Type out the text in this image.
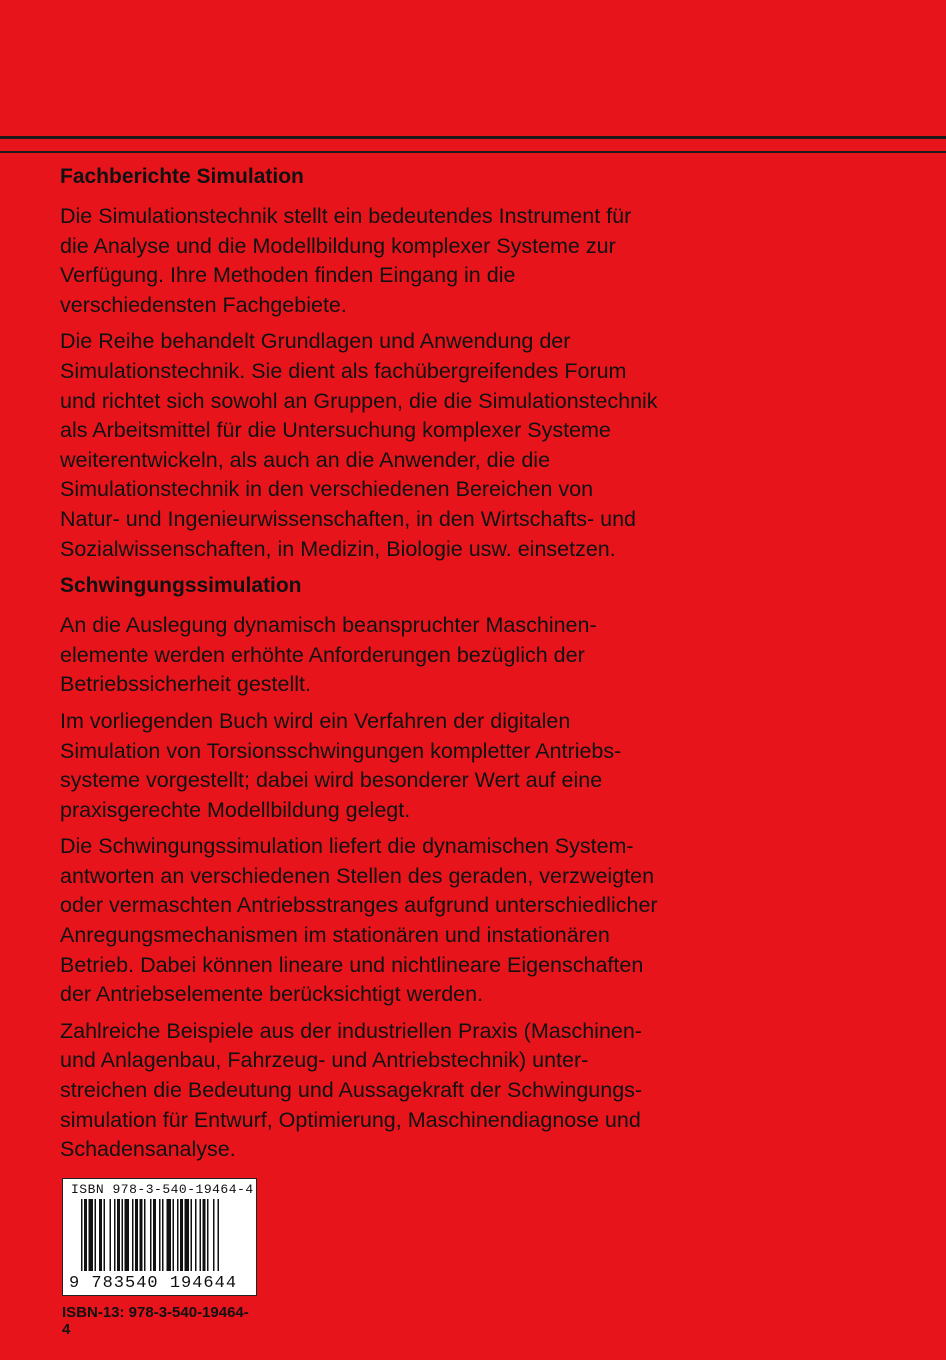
Fachberichte Simulation

Die Simulationstechnik stellt ein bedeutendes Instrument für
die Analyse und die Modellbildung komplexer Systeme zur
Verfügung. Ihre Methoden finden Eingang in die
verschiedensten Fachgebiete.

Die Reihe behandelt Grundlagen und Anwendung der
Simulationstechnik. Sie dient als fachübergreifendes Forum
und richtet sich sowohl an Gruppen, die die Simulationstechnik
als Arbeitsmittel für die Untersuchung komplexer Systeme
weiterentwickeln, als auch an die Anwender, die die
Simulationstechnik in den verschiedenen Bereichen von
Natur- und Ingenieurwissenschaften, in den Wirtschafts- und
Sozialwissenschaften, in Medizin, Biologie usw. einsetzen.

Schwingungssimulation

An die Auslegung dynamisch beanspruchter Maschinen-
elemente werden erhöhte Anforderungen bezüglich der
Betriebssicherheit gestellt.

Im vorliegenden Buch wird ein Verfahren der digitalen
Simulation von Torsionsschwingungen kompletter Antriebs-
systeme vorgestellt; dabei wird besonderer Wert auf eine
praxisgerechte Modellbildung gelegt.

Die Schwingungssimulation liefert die dynamischen System-
antworten an verschiedenen Stellen des geraden, verzweigten
oder vermaschten Antriebsstranges aufgrund unterschiedlicher
Anregungsmechanismen im stationären und instationären
Betrieb. Dabei können lineare und nichtlineare Eigenschaften
der Antriebselemente berücksichtigt werden.

Zahlreiche Beispiele aus der industriellen Praxis (Maschinen-
und Anlagenbau, Fahrzeug- und Antriebstechnik) unter-
streichen die Bedeutung und Aussagekraft der Schwingungs-
simulation für Entwurf, Optimierung, Maschinendiagnose und
Schadensanalyse.

ISBN 978-3-540-19464-4
9 783540 194644
ISBN-13: 978-3-540-19464-4
